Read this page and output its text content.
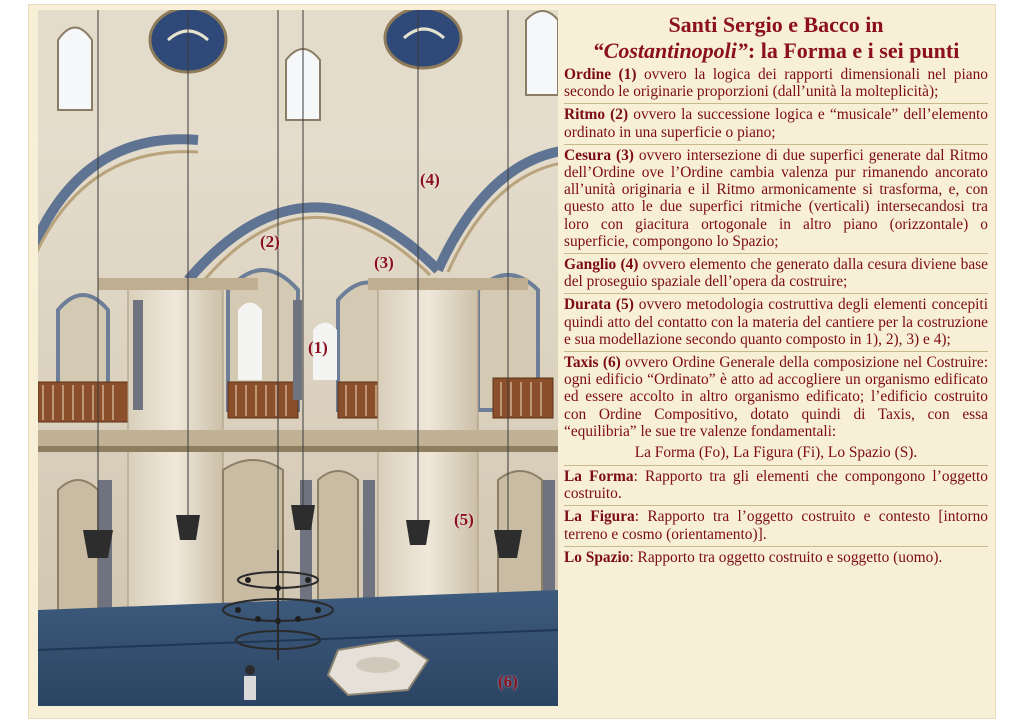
(4)
(2)
(3)
(1)
(5)
(6)
Santi Sergio e Bacco in
“Costantinopoli”: la Forma e i sei punti

Ordine (1) ovvero la logica dei rapporti dimensionali nel piano secondo le originarie proporzioni (dall’unità la molteplicità);

Ritmo (2) ovvero la successione logica e “musicale” dell’elemento ordinato in una superficie o piano;

Cesura (3) ovvero intersezione di due superfici generate dal Ritmo dell’Ordine ove l’Ordine cambia valenza pur rimanendo ancorato all’unità originaria e il Ritmo armonicamente si trasforma, e, con questo atto le due superfici ritmiche (verticali) intersecandosi tra loro con giacitura ortogonale in altro piano (orizzontale) o superficie, compongono lo Spazio;

Ganglio (4) ovvero elemento che generato dalla cesura diviene base del proseguio spaziale dell’opera da costruire;

Durata (5) ovvero metodologia costruttiva degli elementi concepiti quindi atto del contatto con la materia del cantiere per la costruzione e sua modellazione secondo quanto composto in 1), 2), 3) e 4);

Taxis (6) ovvero Ordine Generale della composizione nel Costruire: ogni edificio “Ordinato” è atto ad accogliere un organismo edificato ed essere accolto in altro organismo edificato; l’edificio costruito con Ordine Compositivo, dotato quindi di Taxis, con essa “equilibria” le sue tre valenze fondamentali:

La Forma (Fo), La Figura (Fi), Lo Spazio (S).

La Forma: Rapporto tra gli elementi che compongono l’oggetto costruito.

La Figura: Rapporto tra l’oggetto costruito e contesto [intorno terreno e cosmo (orientamento)].

Lo Spazio: Rapporto tra oggetto costruito e soggetto (uomo).
